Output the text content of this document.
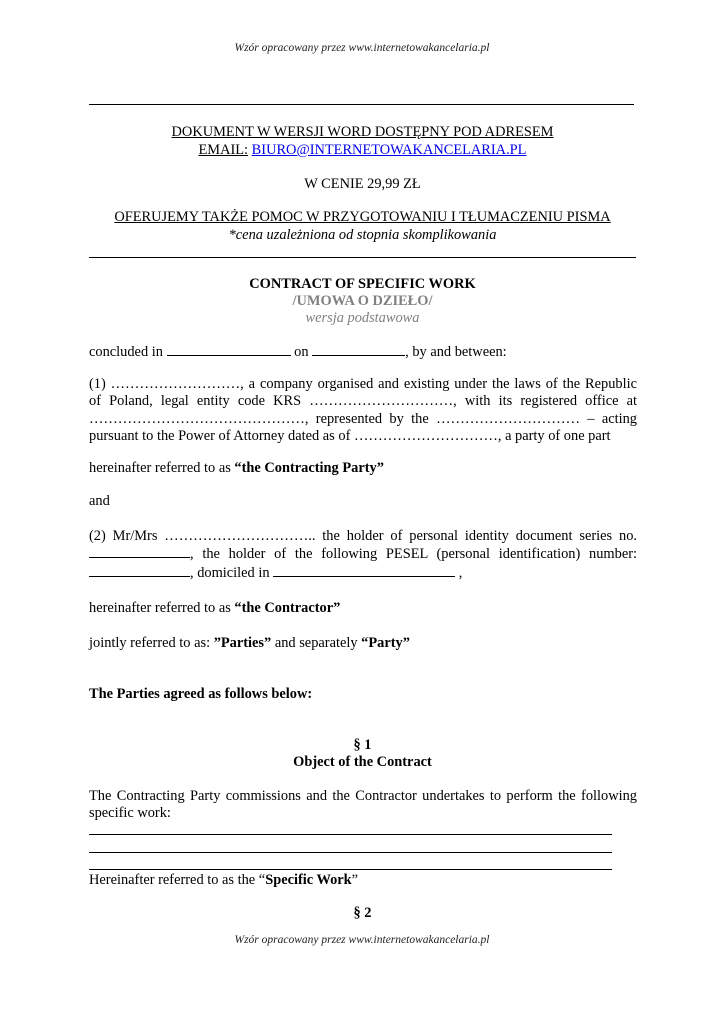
Wzór opracowany przez www.internetowakancelaria.pl
DOKUMENT W WERSJI WORD DOSTĘPNY POD ADRESEM
EMAIL: BIURO@INTERNETOWAKANCELARIA.PL
W CENIE 29,99 ZŁ
OFERUJEMY TAKŻE POMOC W PRZYGOTOWANIU I TŁUMACZENIU PISMA
*cena uzależniona od stopnia skomplikowania
CONTRACT OF SPECIFIC WORK
/UMOWA O DZIEŁO/
wersja podstawowa
concluded in	on	, by and between:
(1) ………………………, a company organised and existing under the laws of the Republic
of Poland, legal entity code KRS …………………………, with its registered office at
………………………………………, represented by the ………………………… – acting
pursuant to the Power of Attorney dated as of …………………………, a party of one part
hereinafter referred to as “the Contracting Party”
and
(2) Mr/Mrs ………………………….. the holder of personal identity document series no.
, the holder of the following PESEL (personal identification) number:
, domiciled in	,
hereinafter referred to as “the Contractor”
jointly referred to as: ”Parties” and separately “Party”
The Parties agreed as follows below:
§ 1
Object of the Contract
The Contracting Party commissions and the Contractor undertakes to perform the following
specific work:
Hereinafter referred to as the “Specific Work”
§ 2
Wzór opracowany przez www.internetowakancelaria.pl
